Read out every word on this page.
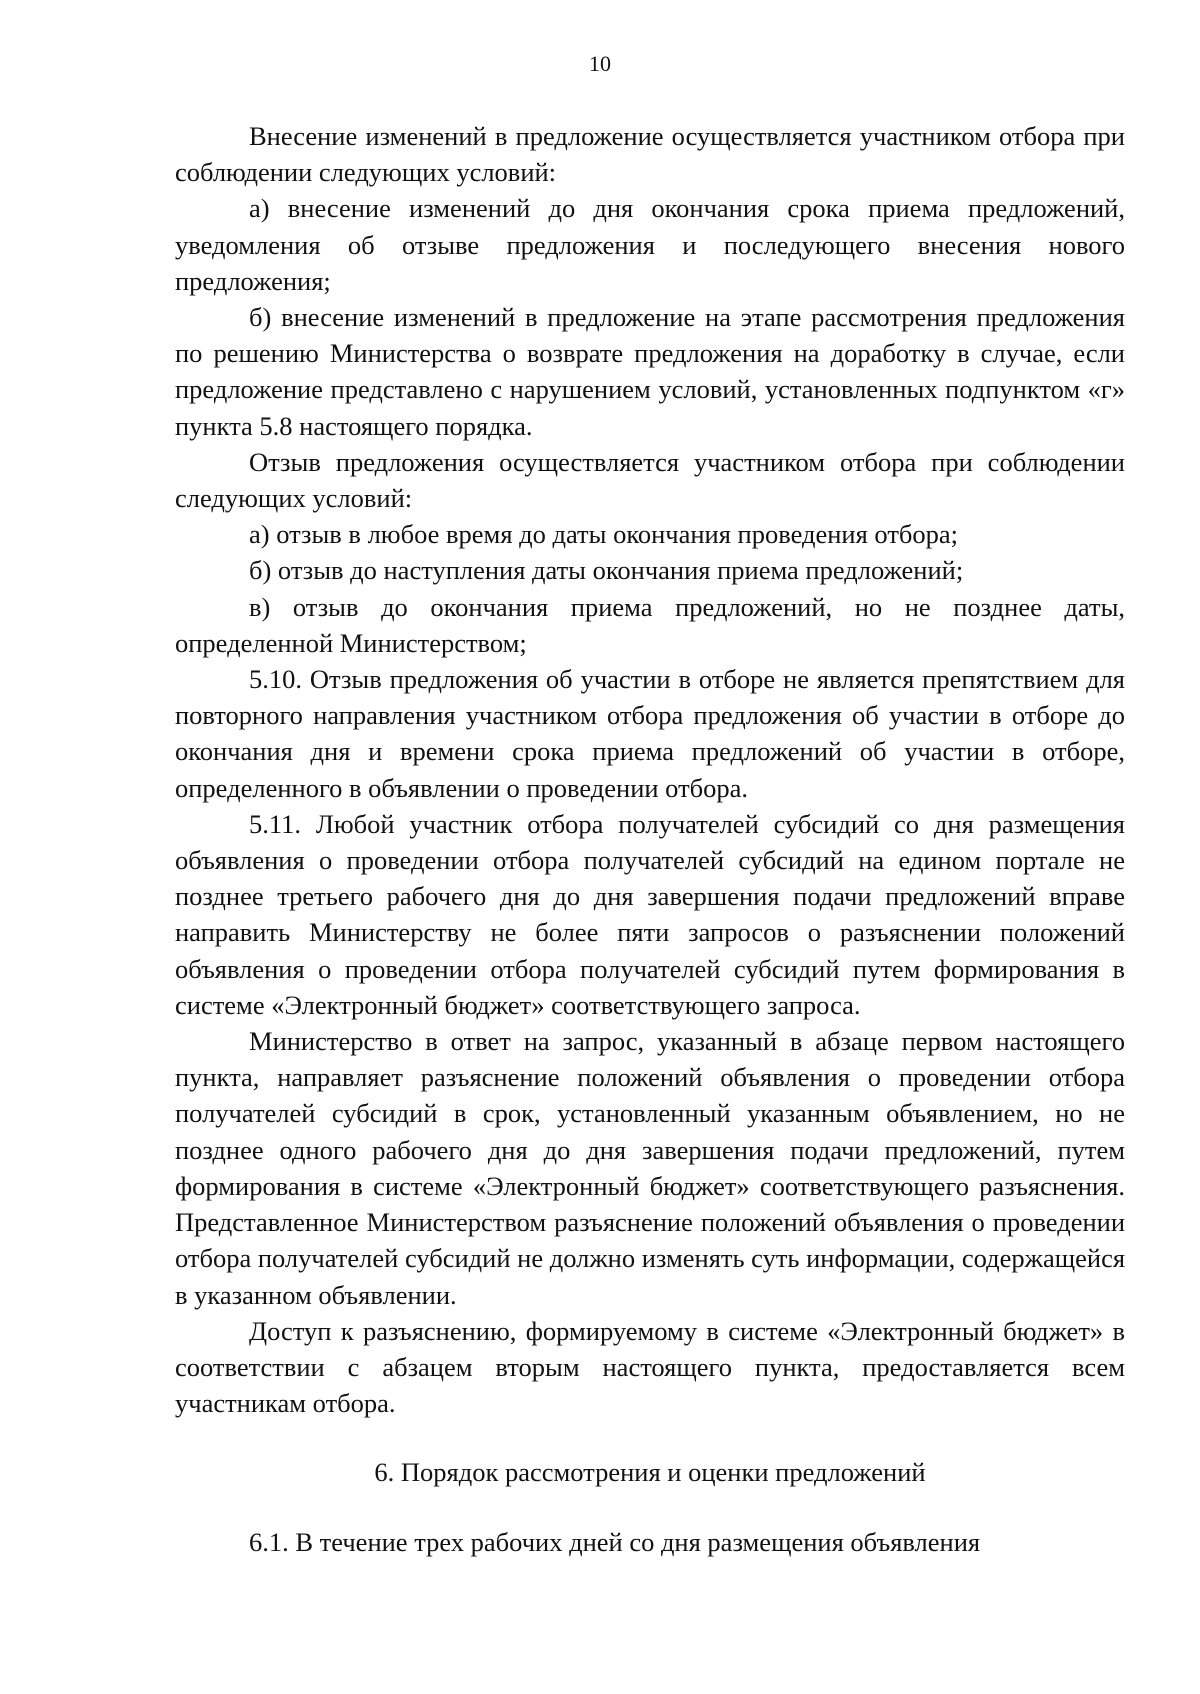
10

Внесение изменений в предложение осуществляется участником отбора при соблюдении следующих условий:

а) внесение изменений до дня окончания срока приема предложений, уведомления об отзыве предложения и последующего внесения нового предложения;

б) внесение изменений в предложение на этапе рассмотрения предложения по решению Министерства о возврате предложения на доработку в случае, если предложение представлено с нарушением условий, установленных подпунктом «г» пункта 5.8 настоящего порядка.

Отзыв предложения осуществляется участником отбора при соблюдении следующих условий:

а) отзыв в любое время до даты окончания проведения отбора;

б) отзыв до наступления даты окончания приема предложений;

в) отзыв до окончания приема предложений, но не позднее даты, определенной Министерством;

5.10. Отзыв предложения об участии в отборе не является препятствием для повторного направления участником отбора предложения об участии в отборе до окончания дня и времени срока приема предложений об участии в отборе, определенного в объявлении о проведении отбора.

5.11. Любой участник отбора получателей субсидий со дня размещения объявления о проведении отбора получателей субсидий на едином портале не позднее третьего рабочего дня до дня завершения подачи предложений вправе направить Министерству не более пяти запросов о разъяснении положений объявления о проведении отбора получателей субсидий путем формирования в системе «Электронный бюджет» соответствующего запроса.

Министерство в ответ на запрос, указанный в абзаце первом настоящего пункта, направляет разъяснение положений объявления о проведении отбора получателей субсидий в срок, установленный указанным объявлением, но не позднее одного рабочего дня до дня завершения подачи предложений, путем формирования в системе «Электронный бюджет» соответствующего разъяснения. Представленное Министерством разъяснение положений объявления о проведении отбора получателей субсидий не должно изменять суть информации, содержащейся в указанном объявлении.

Доступ к разъяснению, формируемому в системе «Электронный бюджет» в соответствии с абзацем вторым настоящего пункта, предоставляется всем участникам отбора.

6. Порядок рассмотрения и оценки предложений

6.1. В течение трех рабочих дней со дня размещения объявления
